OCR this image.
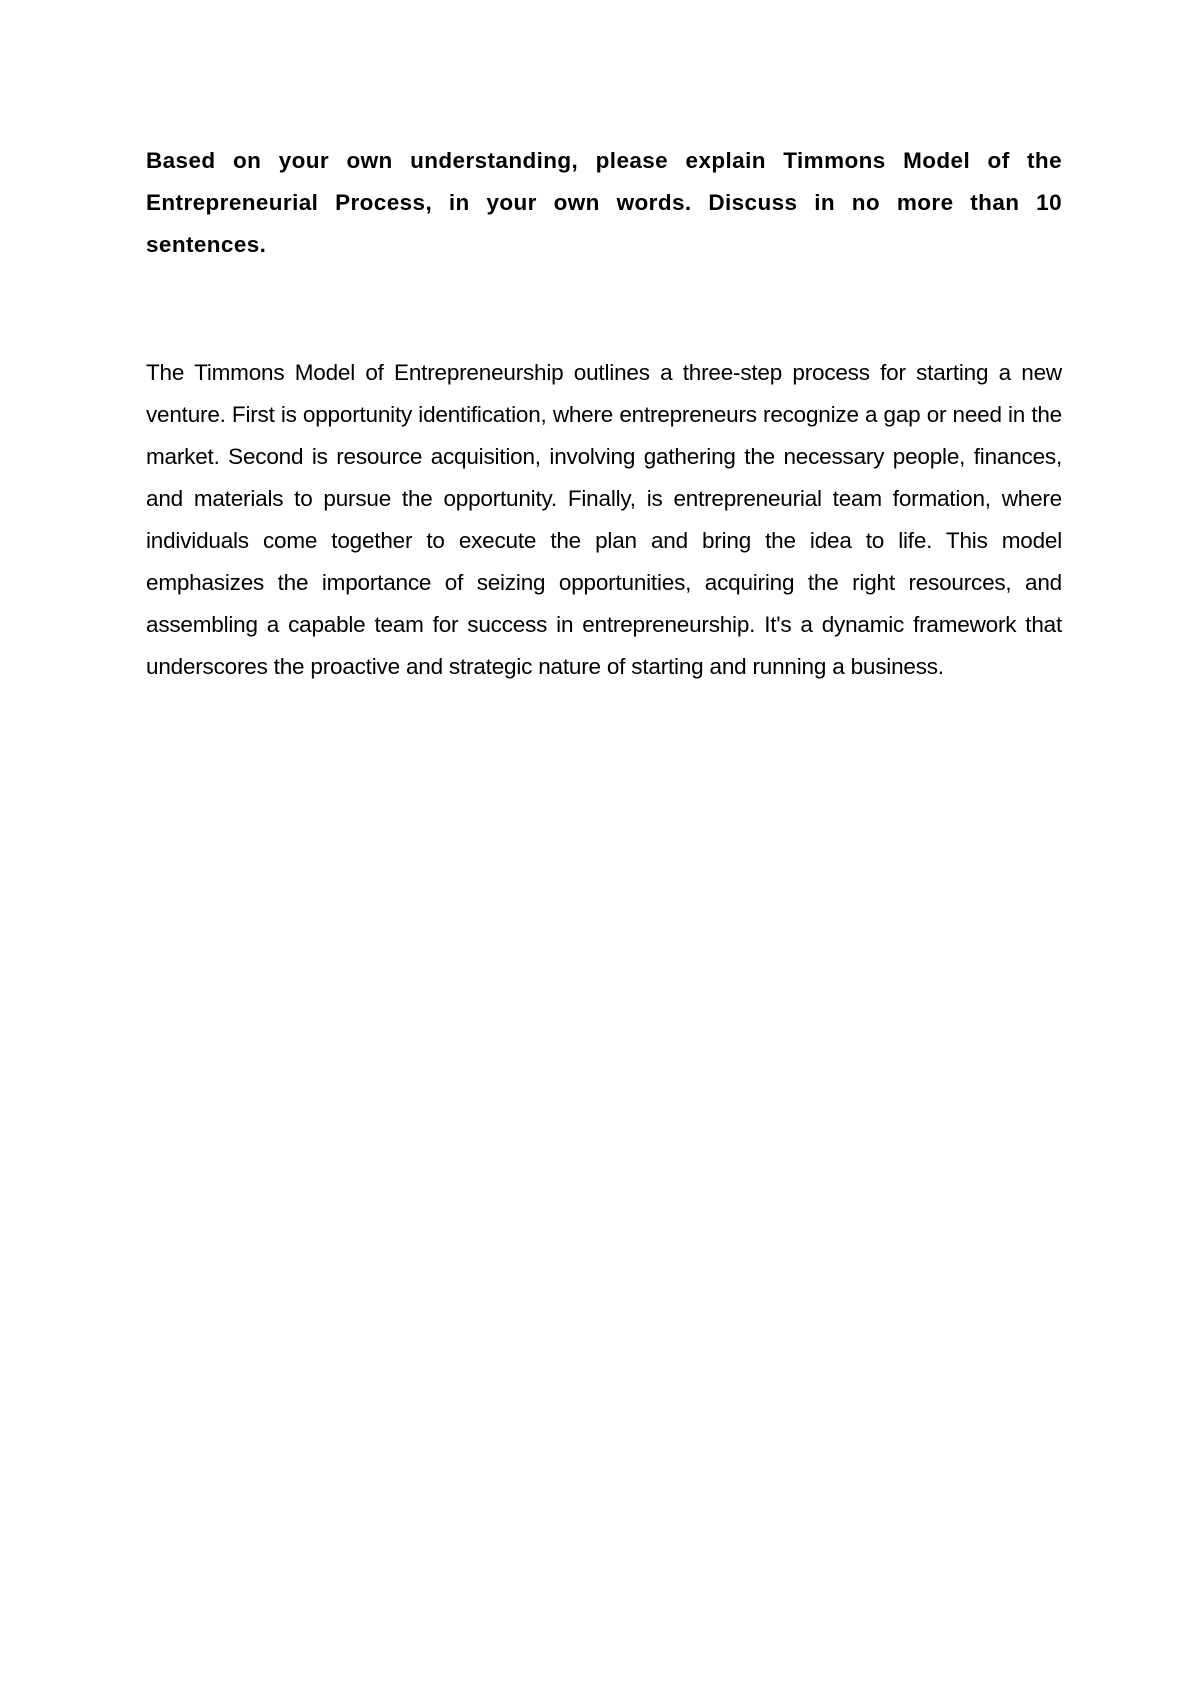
Based on your own understanding, please explain Timmons Model of the Entrepreneurial Process, in your own words. Discuss in no more than 10 sentences.

The Timmons Model of Entrepreneurship outlines a three-step process for starting a new venture. First is opportunity identification, where entrepreneurs recognize a gap or need in the market. Second is resource acquisition, involving gathering the necessary people, finances, and materials to pursue the opportunity. Finally, is entrepreneurial team formation, where individuals come together to execute the plan and bring the idea to life. This model emphasizes the importance of seizing opportunities, acquiring the right resources, and assembling a capable team for success in entrepreneurship. It's a dynamic framework that underscores the proactive and strategic nature of starting and running a business.
